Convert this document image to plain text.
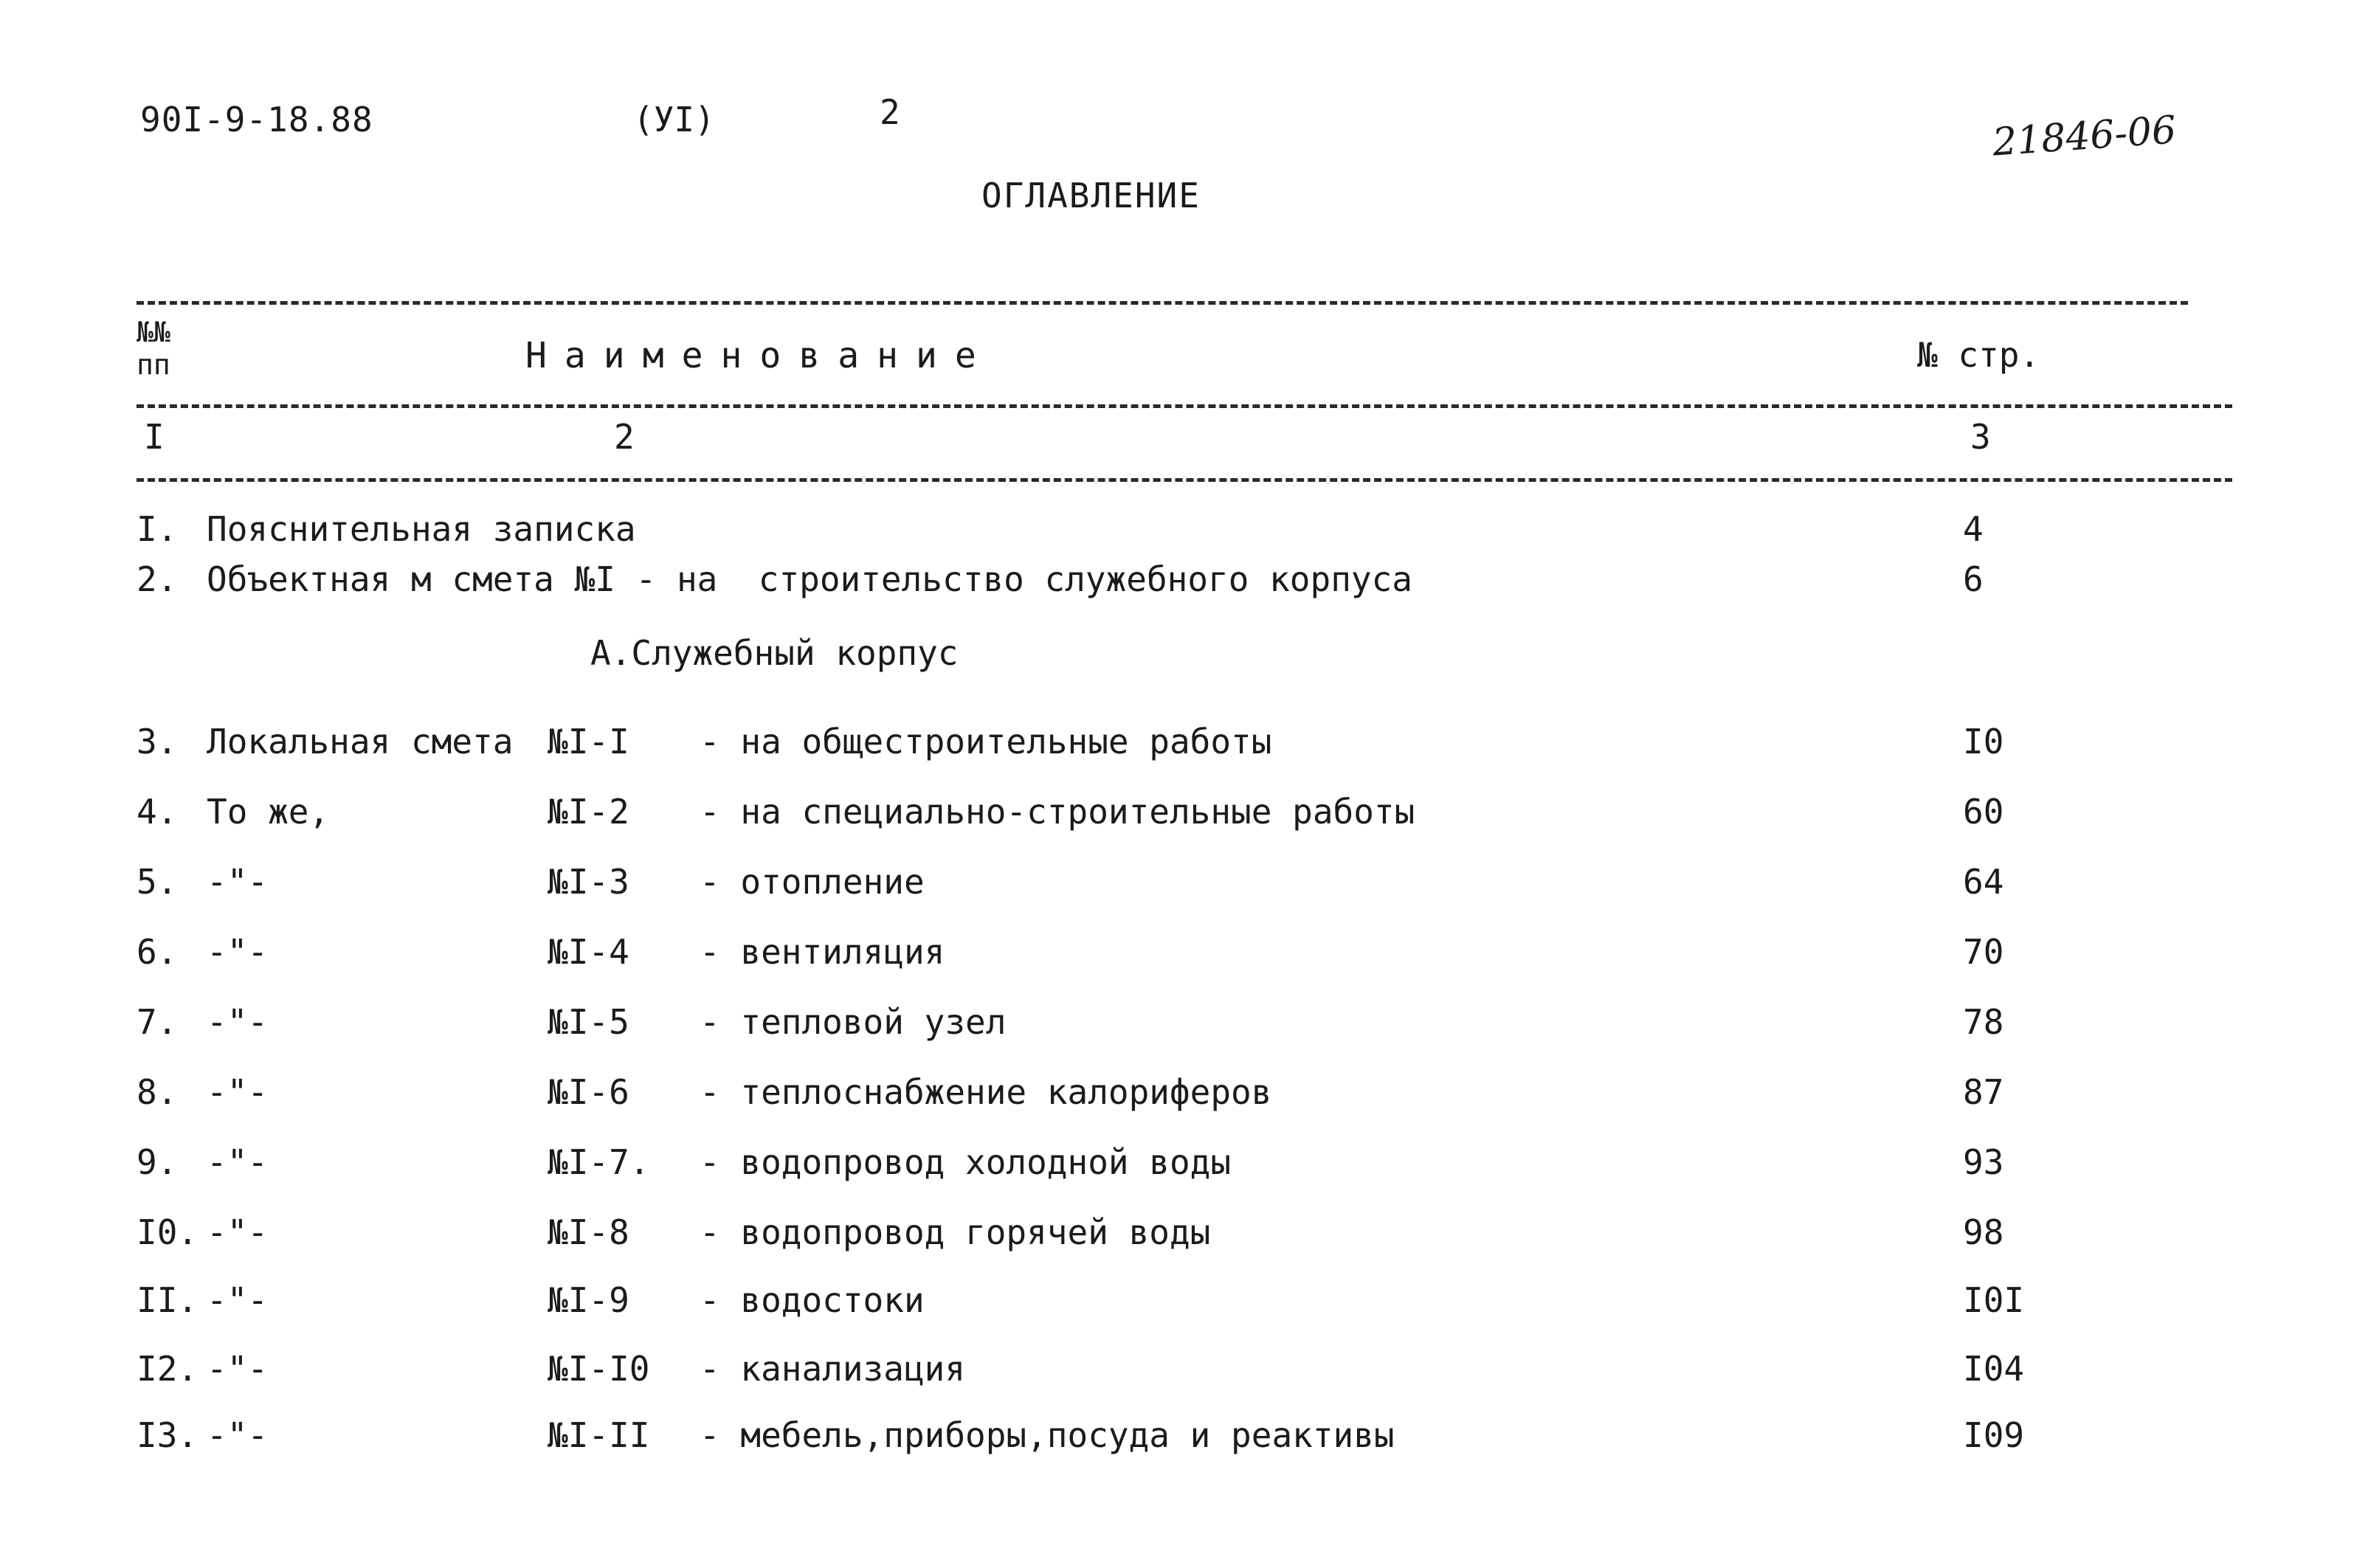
90I-9-18.88	(УI)	2	21846-06
ОГЛАВЛЕНИЕ
№№
пп	Наименование	№ стр.
I	2	3
I. Пояснительная записка	4
2. Объектная м смета №I - на  строительство служебного корпуса	6
А.Служебный корпус
3. Локальная смета №I-I - на общестроительные работы	I0
4. То же,	№I-2 - на специально-строительные работы	60
5. -"-	№I-3 - отопление	64
6. -"-	№I-4 - вентиляция	70
7. -"-	№I-5 - тепловой узел	78
8. -"-	№I-6 - теплоснабжение калориферов	87
9. -"-	№I-7. - водопровод холодной воды	93
I0. -"-	№I-8 - водопровод горячей воды	98
II. -"-	№I-9 - водостоки	I0I
I2. -"-	№I-I0 - канализация	I04
I3. -"-	№I-II - мебель,приборы,посуда и реактивы	I09
